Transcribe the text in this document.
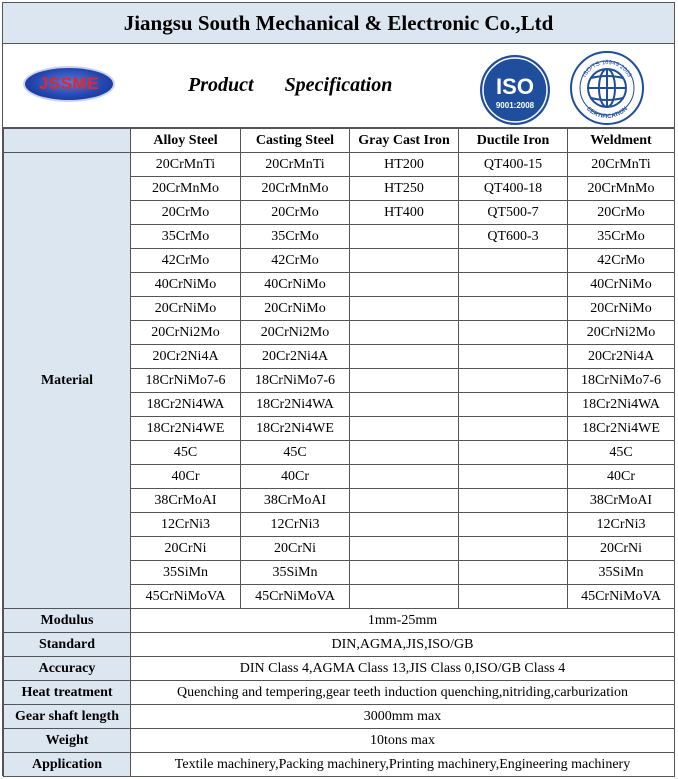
Jiangsu South Mechanical & Electronic Co.,Ltd
JSSME	Product Specification	ISO
9001:2008
ISO/TS 16949:2009
CERTIFICATION
	Alloy Steel	Casting Steel	Gray Cast Iron	Ductile Iron	Weldment
Material	20CrMnTi	20CrMnTi	HT200	QT400-15	20CrMnTi
	20CrMnMo	20CrMnMo	HT250	QT400-18	20CrMnMo
	20CrMo	20CrMo	HT400	QT500-7	20CrMo
	35CrMo	35CrMo		QT600-3	35CrMo
	42CrMo	42CrMo			42CrMo
	40CrNiMo	40CrNiMo			40CrNiMo
	20CrNiMo	20CrNiMo			20CrNiMo
	20CrNi2Mo	20CrNi2Mo			20CrNi2Mo
	20Cr2Ni4A	20Cr2Ni4A			20Cr2Ni4A
	18CrNiMo7-6	18CrNiMo7-6			18CrNiMo7-6
	18Cr2Ni4WA	18Cr2Ni4WA			18Cr2Ni4WA
	18Cr2Ni4WE	18Cr2Ni4WE			18Cr2Ni4WE
	45C	45C			45C
	40Cr	40Cr			40Cr
	38CrMoAI	38CrMoAI			38CrMoAI
	12CrNi3	12CrNi3			12CrNi3
	20CrNi	20CrNi			20CrNi
	35SiMn	35SiMn			35SiMn
	45CrNiMoVA	45CrNiMoVA			45CrNiMoVA
Modulus	1mm-25mm				
Standard	DIN,AGMA,JIS,ISO/GB				
Accuracy	DIN Class 4,AGMA Class 13,JIS Class 0,ISO/GB Class 4				
Heat treatment	Quenching and tempering,gear teeth induction quenching,nitriding,carburization				
Gear shaft length	3000mm max				
Weight	10tons max				
Application	Textile machinery,Packing machinery,Printing machinery,Engineering machinery				
